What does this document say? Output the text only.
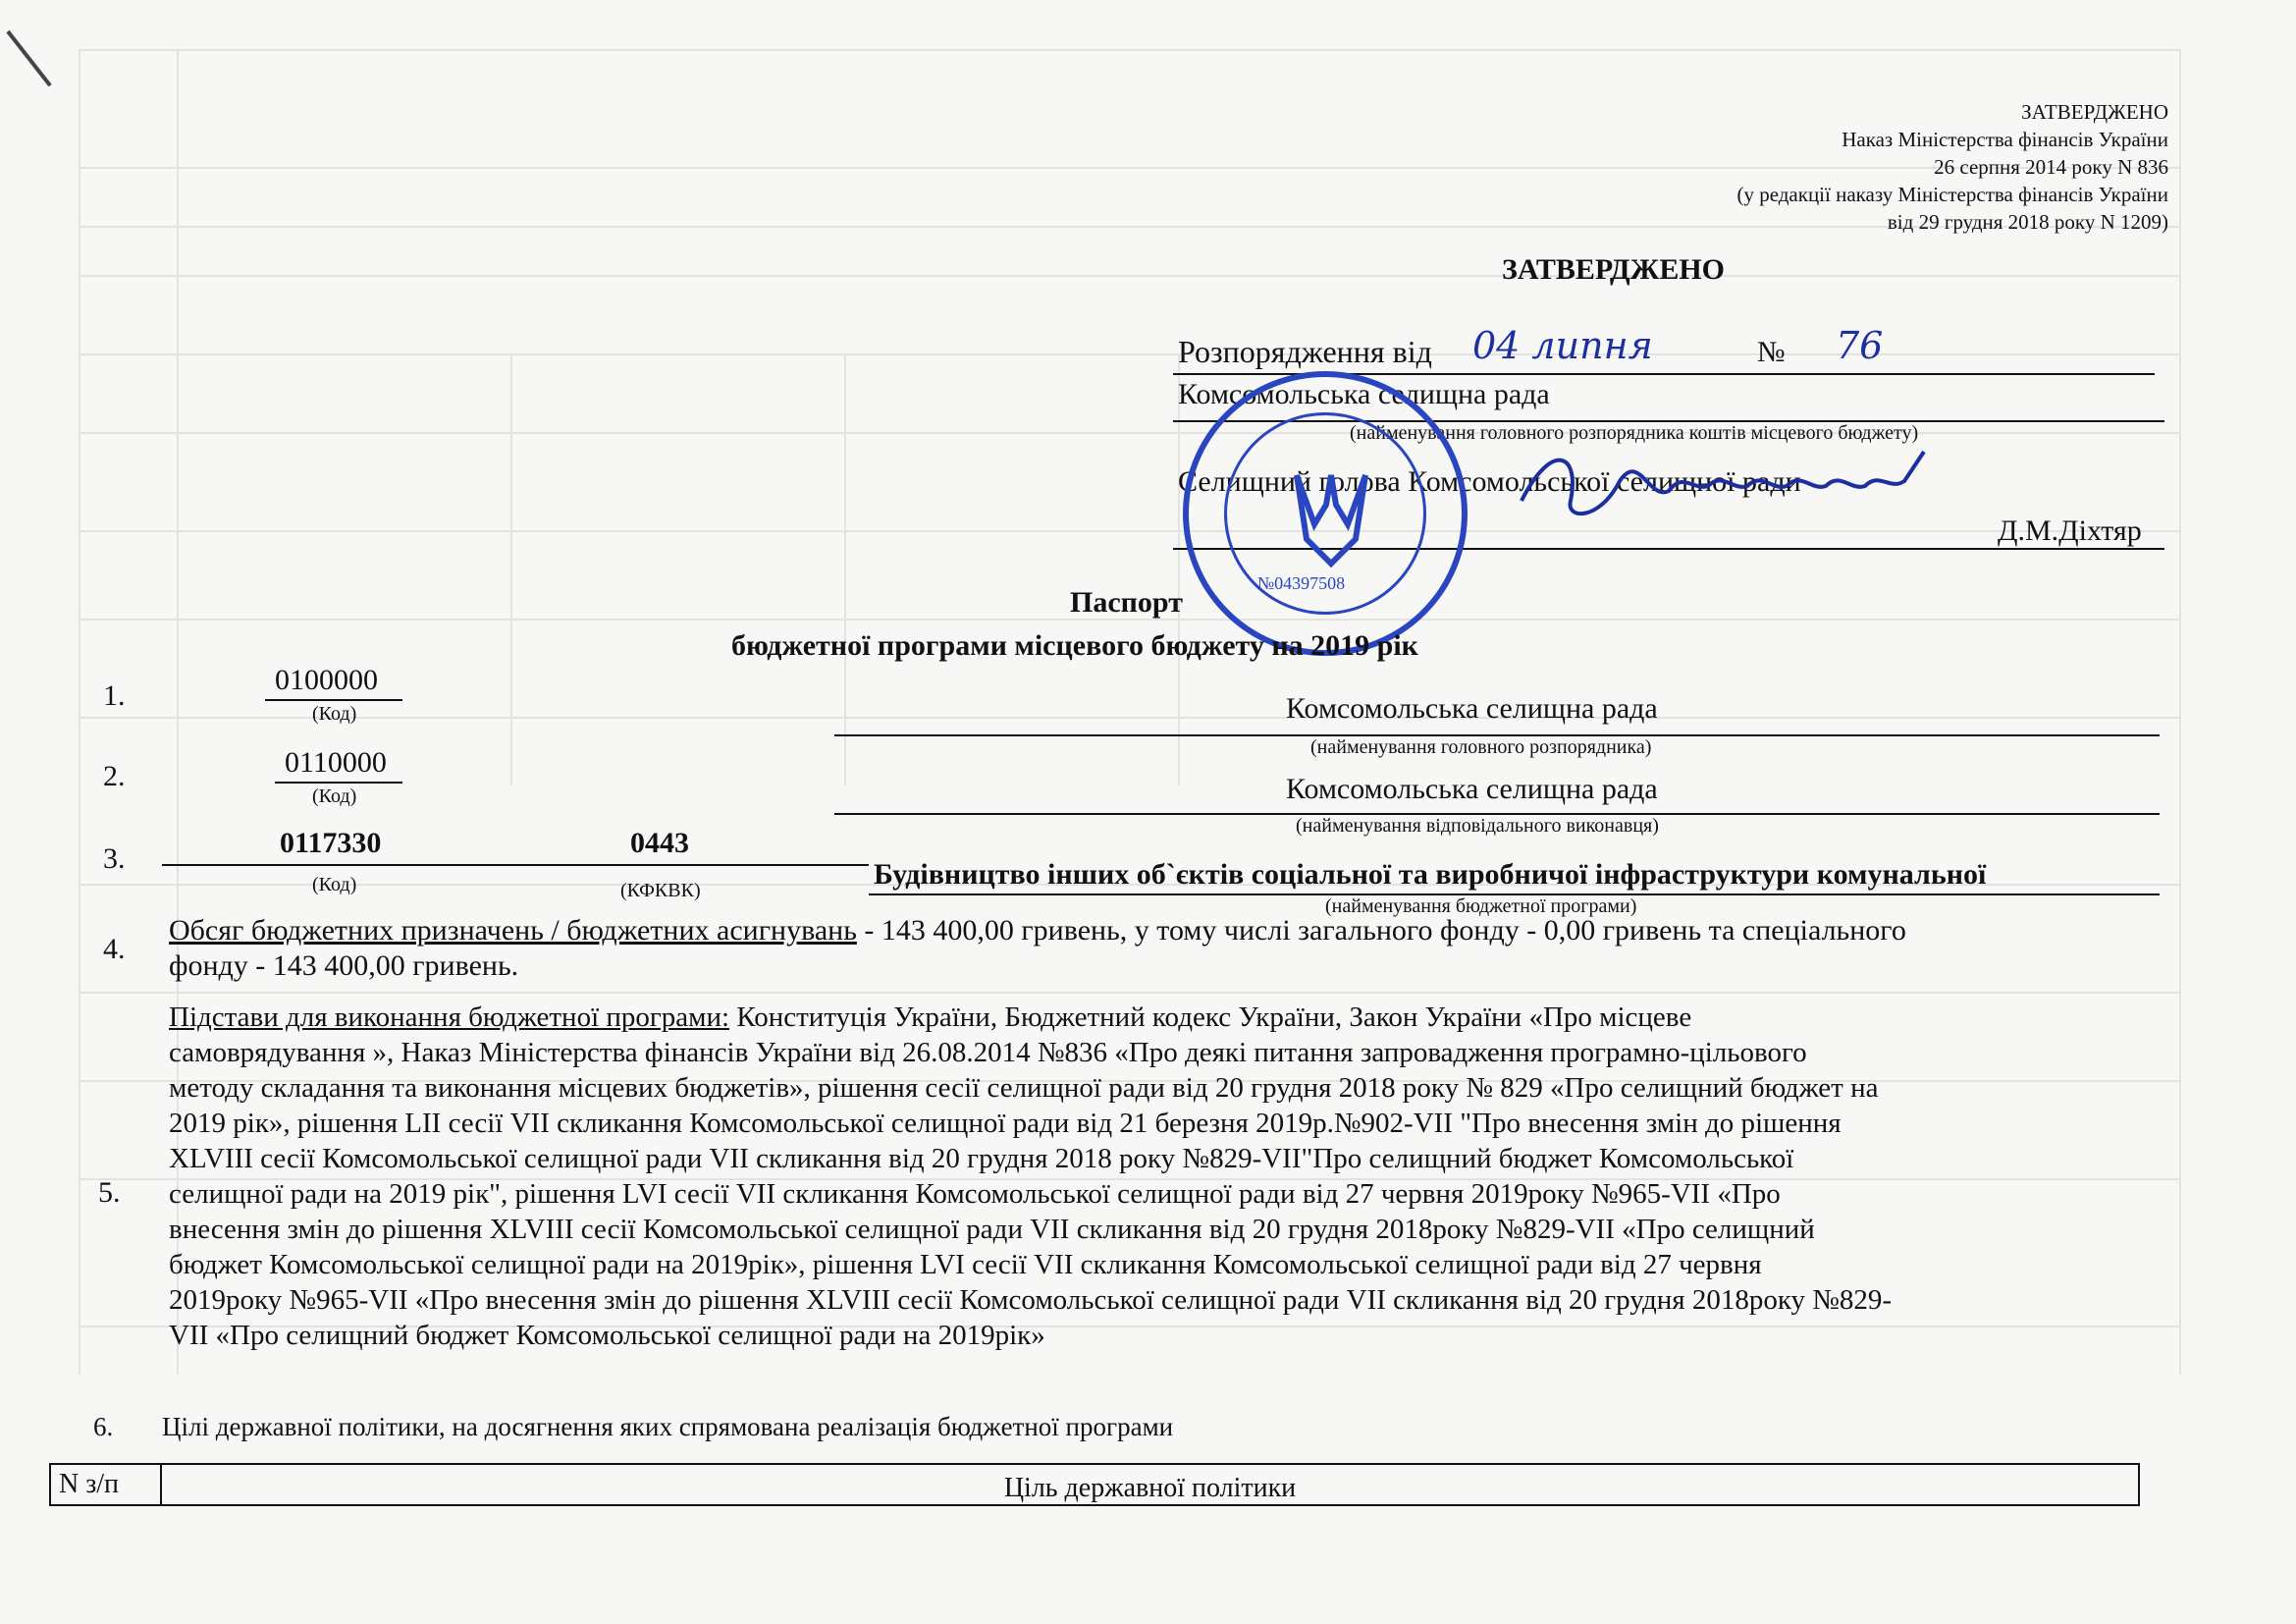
ЗАТВЕРДЖЕНО
Наказ Міністерства фінансів України
26 серпня 2014 року N 836
(у редакції наказу Міністерства фінансів України
від 29 грудня 2018 року N 1209)
ЗАТВЕРДЖЕНО
Розпорядження від 04 липня	№ 76
Комсомольська селищна рада
(найменування головного розпорядника коштів місцевого бюджету)
Селищний голова Комсомольської селищної ради
Д.М.Діхтяр
№04397508
Паспорт
бюджетної програми місцевого бюджету на 2019 рік
1.	0100000
(Код)	Комсомольська селищна рада
(найменування головного розпорядника)
2.	0110000
(Код)	Комсомольська селищна рада
(найменування відповідального виконавця)
3.	0117330	0443
Будівництво інших об`єктів соціальної та виробничої інфраструктури комунальної
(Код)	(КФКВК)
(найменування бюджетної програми)
4.
Обсяг бюджетних призначень / бюджетних асигнувань - 143 400,00 гривень, у тому числі загального фонду - 0,00 гривень та спеціального
фонду - 143 400,00 гривень.
5.
Підстави для виконання бюджетної програми: Конституція України, Бюджетний кодекс України, Закон України «Про місцеве
самоврядування », Наказ Міністерства фінансів України від 26.08.2014 №836 «Про деякі питання запровадження програмно-цільового
методу складання та виконання місцевих бюджетів», рішення сесії селищної ради від 20 грудня 2018 року № 829 «Про селищний бюджет на
2019 рік», рішення LII сесії VII скликання Комсомольської селищної ради від 21 березня 2019р.№902-VII "Про внесення змін до рішення
XLVIII сесії Комсомольської селищної ради VII скликання від 20 грудня 2018 року №829-VII"Про селищний бюджет Комсомольської
селищної ради на 2019 рік", рішення LVI сесії VII скликання Комсомольської селищної ради від 27 червня 2019року №965-VII «Про
внесення змін до рішення XLVIII сесії Комсомольської селищної ради VII скликання від 20 грудня 2018року №829-VII «Про селищний
бюджет Комсомольської селищної ради на 2019рік», рішення LVI сесії VII скликання Комсомольської селищної ради від 27 червня
2019року №965-VII «Про внесення змін до рішення XLVIII сесії Комсомольської селищної ради VII скликання від 20 грудня 2018року №829-
VII «Про селищний бюджет Комсомольської селищної ради на 2019рік»
6. Цілі державної політики, на досягнення яких спрямована реалізація бюджетної програми
N з/п	Ціль державної політики
